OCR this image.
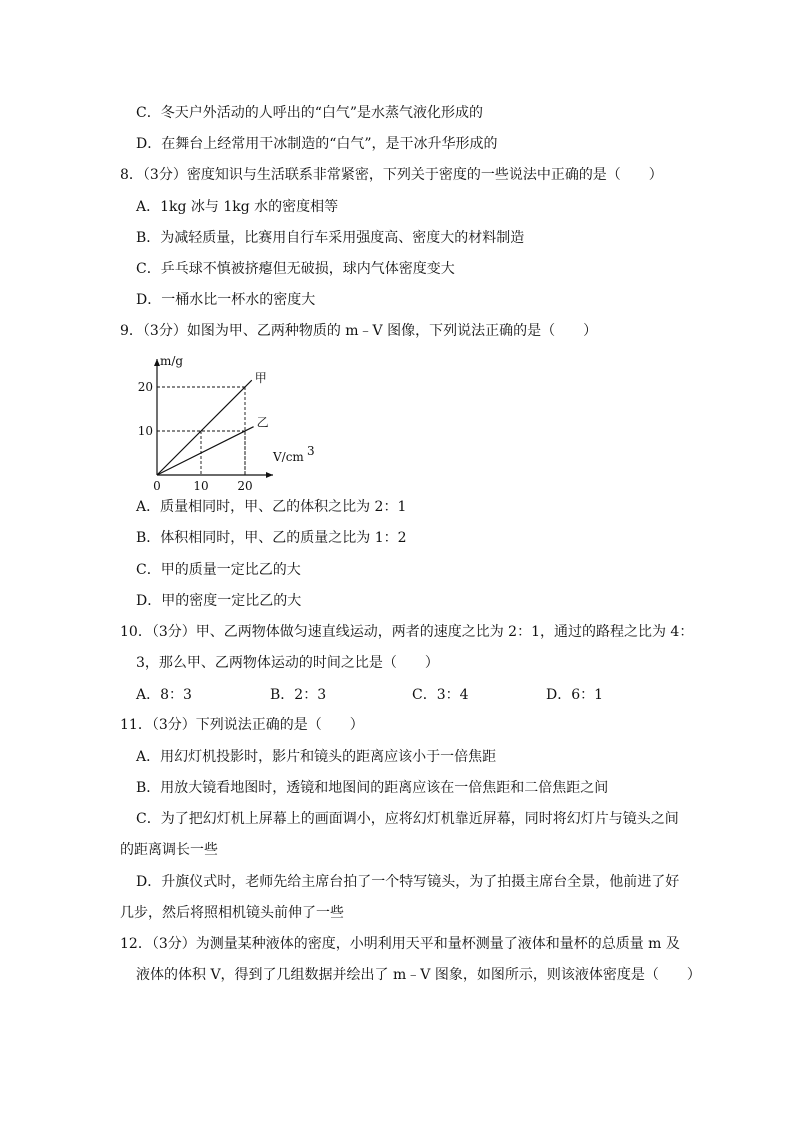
C．冬天户外活动的人呼出的“白气”是水蒸气液化形成的
D．在舞台上经常用干冰制造的“白气”，是干冰升华形成的
8．（3分）密度知识与生活联系非常紧密，下列关于密度的一些说法中正确的是（　　）
A．1kg 冰与 1kg 水的密度相等
B．为减轻质量，比赛用自行车采用强度高、密度大的材料制造
C．乒乓球不慎被挤瘪但无破损，球内气体密度变大
D．一桶水比一杯水的密度大
9．（3分）如图为甲、乙两种物质的 m﹣V 图像，下列说法正确的是（　　）
甲
乙
10 20
10
20
0
m/g
V/cm 3
A．质量相同时，甲、乙的体积之比为 2：1
B．体积相同时，甲、乙的质量之比为 1：2
C．甲的质量一定比乙的大
D．甲的密度一定比乙的大
10．（3分）甲、乙两物体做匀速直线运动，两者的速度之比为 2：1，通过的路程之比为 4：
3，那么甲、乙两物体运动的时间之比是（　　）
A．8：3	B．2：3	C．3：4	D．6：1
11．（3分）下列说法正确的是（　　）
A．用幻灯机投影时，影片和镜头的距离应该小于一倍焦距
B．用放大镜看地图时，透镜和地图间的距离应该在一倍焦距和二倍焦距之间
C．为了把幻灯机上屏幕上的画面调小，应将幻灯机靠近屏幕，同时将幻灯片与镜头之间
的距离调长一些
D．升旗仪式时，老师先给主席台拍了一个特写镜头，为了拍摄主席台全景，他前进了好
几步，然后将照相机镜头前伸了一些
12．（3分）为测量某种液体的密度，小明利用天平和量杯测量了液体和量杯的总质量 m 及
液体的体积 V，得到了几组数据并绘出了 m﹣V 图象，如图所示，则该液体密度是（　　）
